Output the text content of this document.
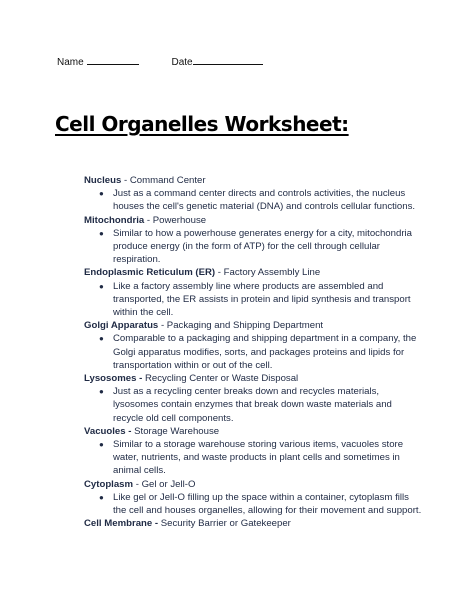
Name	Date
Cell Organelles Worksheet:
Nucleus - Command Center
● Just as a command center directs and controls activities, the nucleus houses the cell's genetic material (DNA) and controls cellular functions.
Mitochondria - Powerhouse
● Similar to how a powerhouse generates energy for a city, mitochondria produce energy (in the form of ATP) for the cell through cellular respiration.
Endoplasmic Reticulum (ER) - Factory Assembly Line
● Like a factory assembly line where products are assembled and transported, the ER assists in protein and lipid synthesis and transport within the cell.
Golgi Apparatus - Packaging and Shipping Department
● Comparable to a packaging and shipping department in a company, the Golgi apparatus modifies, sorts, and packages proteins and lipids for transportation within or out of the cell.
Lysosomes - Recycling Center or Waste Disposal
● Just as a recycling center breaks down and recycles materials, lysosomes contain enzymes that break down waste materials and recycle old cell components.
Vacuoles - Storage Warehouse
● Similar to a storage warehouse storing various items, vacuoles store water, nutrients, and waste products in plant cells and sometimes in animal cells.
Cytoplasm - Gel or Jell-O
● Like gel or Jell-O filling up the space within a container, cytoplasm fills the cell and houses organelles, allowing for their movement and support.
Cell Membrane - Security Barrier or Gatekeeper
